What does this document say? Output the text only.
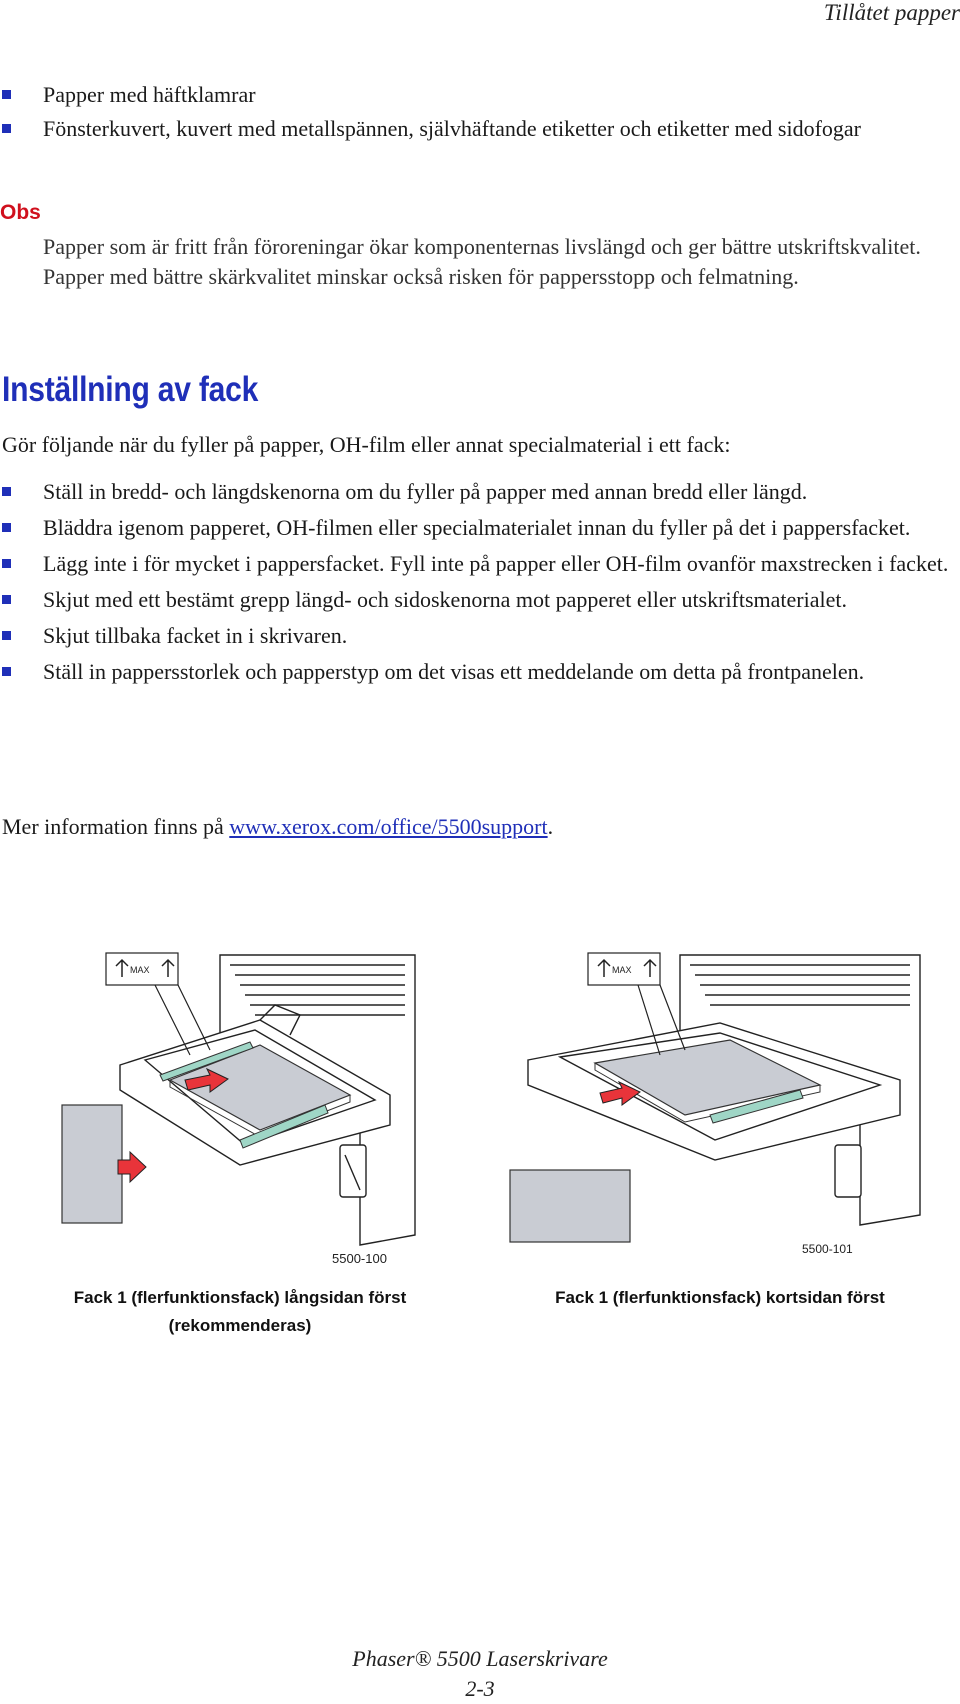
Tillåtet papper
Papper med häftklamrar
Fönsterkuvert, kuvert med metallspännen, självhäftande etiketter och etiketter med sidofogar
Obs
Papper som är fritt från föroreningar ökar komponenternas livslängd och ger bättre utskriftskvalitet. Papper med bättre skärkvalitet minskar också risken för pappersstopp och felmatning.
Inställning av fack
Gör följande när du fyller på papper, OH-film eller annat specialmaterial i ett fack:
Ställ in bredd- och längdskenorna om du fyller på papper med annan bredd eller längd.
Bläddra igenom papperet, OH-filmen eller specialmaterialet innan du fyller på det i pappersfacket.
Lägg inte i för mycket i pappersfacket. Fyll inte på papper eller OH-film ovanför maxstrecken i facket.
Skjut med ett bestämt grepp längd- och sidoskenorna mot papperet eller utskriftsmaterialet.
Skjut tillbaka facket in i skrivaren.
Ställ in pappersstorlek och papperstyp om det visas ett meddelande om detta på frontpanelen.
Mer information finns på www.xerox.com/office/5500support.
5500-100
MAX
5500-101
MAX
Fack 1 (flerfunktionsfack) långsidan först
(rekommenderas)
Fack 1 (flerfunktionsfack) kortsidan först
Phaser® 5500 Laserskrivare
2-3
